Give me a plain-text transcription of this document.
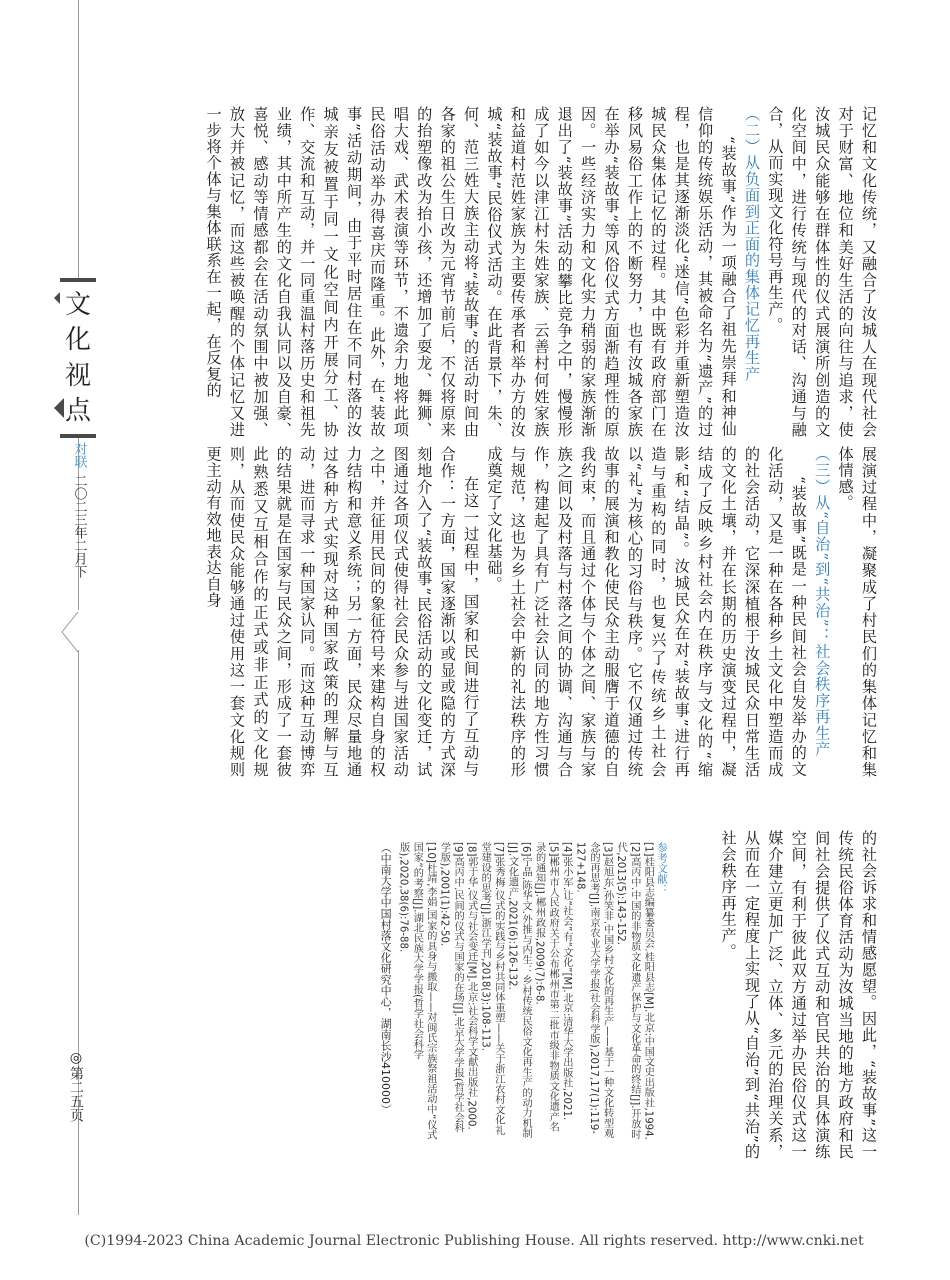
文
化
视
点
对联
二〇二三年二月下
◎第二五页

记忆和文化传统，又融合了汝城人在现代社会对于财富、地位和美好生活的向往与追求，使汝城民众能够在群体性的仪式展演所创造的文化空间中，进行传统与现代的对话、沟通与融合，从而实现文化符号再生产。

（二）从负面到正面的集体记忆再生产

“装故事”作为一项融合了祖先崇拜和神仙信仰的传统娱乐活动，其被命名为“遗产”的过程，也是其逐渐淡化“迷信”色彩并重新塑造汝城民众集体记忆的过程。其中既有政府部门在移风易俗工作上的不断努力，也有汝城各家族在举办“装故事”等风俗仪式方面渐趋理性的原因。一些经济实力和文化实力稍弱的家族渐渐退出了“装故事”活动的攀比竞争之中，慢慢形成了如今以津江村朱姓家族、云善村何姓家族和益道村范姓家族为主要传承者和举办方的汝城“装故事”民俗仪式活动。在此背景下，朱、何、范三姓大族主动将“装故事”的活动时间由各家的祖公生日改为元宵节前后，不仅将原来的抬塑像改为抬小孩，还增加了耍龙、舞狮、唱大戏、武术表演等环节，不遗余力地将此项民俗活动举办得喜庆而隆重。此外，在“装故事”活动期间，由于平时居住在不同村落的汝城亲友被置于同一文化空间内开展分工、协作、交流和互动，并一同重温村落历史和祖先业绩，其中所产生的文化自我认同以及自豪、喜悦、感动等情感都会在活动氛围中被加强、放大并被记忆，而这些被唤醒的个体记忆又进一步将个体与集体联系在一起，在反复的

展演过程中，凝聚成了村民们的集体记忆和集体情感。

（三）从“自治”到“共治”：社会秩序再生产

“装故事”既是一种民间社会自发举办的文化活动，又是一种在各种乡土文化中塑造而成的社会活动，它深深植根于汝城民众日常生活的文化土壤，并在长期的历史演变过程中，凝结成了反映乡村社会内在秩序与文化的“缩影”和“结晶”。汝城民众在对“装故事”进行再造与重构的同时，也复兴了传统乡土社会以“礼”为核心的习俗与秩序。它不仅通过传统故事的展演和教化使民众主动服膺于道德的自我约束，而且通过个体与个体之间、家族与家族之间以及村落与村落之间的协调、沟通与合作，构建起了具有广泛社会认同的地方性习惯与规范，这也为乡土社会中新的礼法秩序的形成奠定了文化基础。

在这一过程中，国家和民间进行了互动与合作：一方面，国家逐渐以或显或隐的方式深刻地介入了“装故事”民俗活动的文化变迁，试图通过各项仪式使得社会民众参与进国家活动之中，并征用民间的象征符号来建构自身的权力结构和意义系统；另一方面，民众尽量地通过各种方式实现对这种国家政策的理解与互动，进而寻求一种国家认同。而这种互动博弈的结果就是在国家与民众之间，形成了一套彼此熟悉又互相合作的正式或非正式的文化规则，从而使民众能够通过使用这一套文化规则更主动有效地表达自身

的社会诉求和情感愿望。因此，“装故事”这一传统民俗体育活动为汝城当地的地方政府和民间社会提供了仪式互动和官民共治的具体演练空间，有利于彼此双方通过举办民俗仪式这一媒介建立更加广泛、立体、多元的治理关系，从而在一定程度上实现了从“自治”到“共治”的社会秩序再生产。

参考文献：

[1]桂阳县志编纂委员会.桂阳县志[M].北京:中国文史出版社,1994.

[2]高丙中.中国的非物质文化遗产保护与文化革命的终结[J].开放时代,2013(5):143-152.

[3]赵旭东,孙笑非.中国乡村文化的再生产——基于一种文化转型观念的再思考[J].南京农业大学学报(社会科学版),2017,17(1):119-127+148.

[4]张小军.让“社会”有“文化”[M].北京:清华大学出版社,2021.

[5]郴州市人民政府关于公布郴州市第二批市级非物质文化遗产名录的通知[J].郴州政报,2009(7):6-8.

[6]宁晶.陈华文.外推与内生：乡村传统民俗文化再生产的动力机制[J].文化遗产,2021(6):126-132.

[7]张秀梅.仪式的实践与乡村共同体重塑——关于浙江农村文化礼堂建设的思考[J].浙江学刊,2018(3):108-113.

[8]郭于华.仪式与社会变迁[M].北京:社会科学文献出版社,2000.

[9]高丙中.民间的仪式与国家的在场[J].北京大学学报(哲学社会科学版),2001(1):42-50.

[10]杜靖,李娟.国家的具身与搬取——对闽氏宗族祭祖活动中“仪式国家”的考察[J].湖北民族大学学报(哲学社会科学版),2020,38(6):76-88.

（中南大学中国村落文化研究中心，湖南长沙410000）

(C)1994-2023 China Academic Journal Electronic Publishing House. All rights reserved. http://www.cnki.net
